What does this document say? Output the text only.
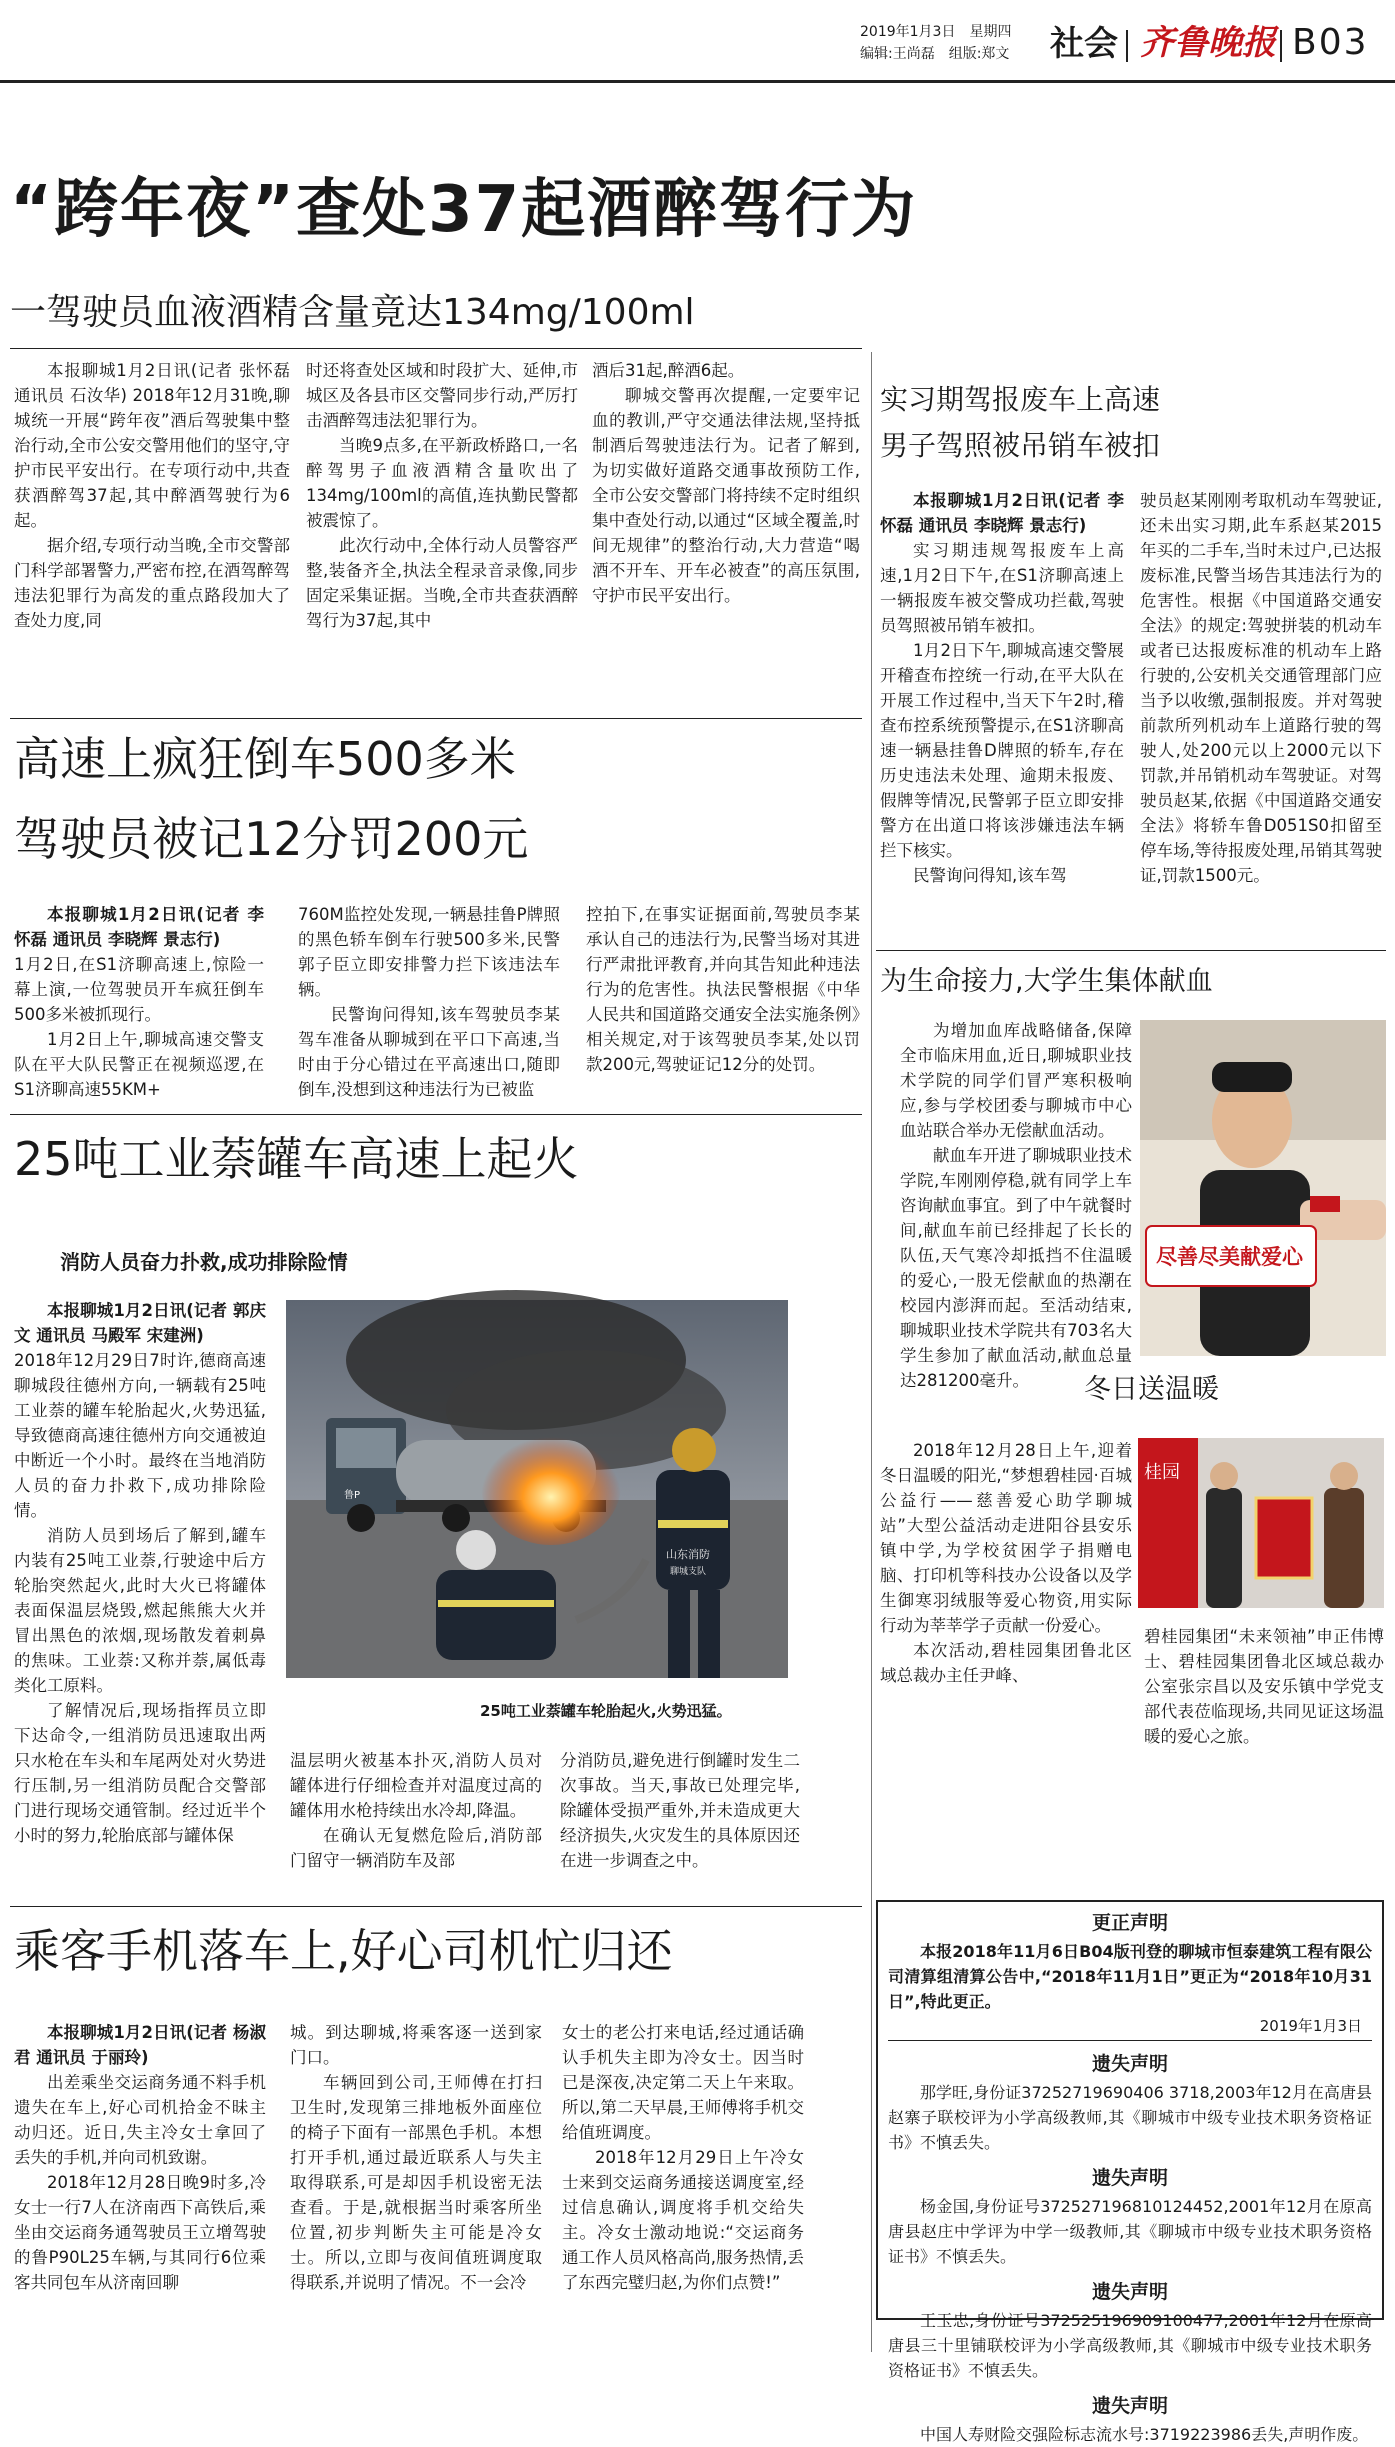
2019年1月3日　星期四
编辑:王尚磊　组版:郑文 社会 齐鲁晚报 B03
“跨年夜”查处37起酒醉驾行为
一驾驶员血液酒精含量竟达134mg/100ml

本报聊城1月2日讯(记者 张怀磊 通讯员 石汝华) 2018年12月31晚,聊城统一开展“跨年夜”酒后驾驶集中整治行动,全市公安交警用他们的坚守,守护市民平安出行。在专项行动中,共查获酒醉驾37起,其中醉酒驾驶行为6起。

据介绍,专项行动当晚,全市交警部门科学部署警力,严密布控,在酒驾醉驾违法犯罪行为高发的重点路段加大了查处力度,同

时还将查处区域和时段扩大、延伸,市城区及各县市区交警同步行动,严厉打击酒醉驾违法犯罪行为。

当晚9点多,在平新政桥路口,一名醉驾男子血液酒精含量吹出了134mg/100ml的高值,连执勤民警都被震惊了。

此次行动中,全体行动人员警容严整,装备齐全,执法全程录音录像,同步固定采集证据。当晚,全市共查获酒醉驾行为37起,其中

酒后31起,醉酒6起。

聊城交警再次提醒,一定要牢记血的教训,严守交通法律法规,坚持抵制酒后驾驶违法行为。记者了解到,为切实做好道路交通事故预防工作,全市公安交警部门将持续不定时组织集中查处行动,以通过“区域全覆盖,时间无规律”的整治行动,大力营造“喝酒不开车、开车必被查”的高压氛围,守护市民平安出行。

高速上疯狂倒车500多米
驾驶员被记12分罚200元

本报聊城1月2日讯(记者 李怀磊 通讯员 李晓辉 景志行)

1月2日,在S1济聊高速上,惊险一幕上演,一位驾驶员开车疯狂倒车500多米被抓现行。

1月2日上午,聊城高速交警支队在平大队民警正在视频巡逻,在S1济聊高速55KM+

760M监控处发现,一辆悬挂鲁P牌照的黑色轿车倒车行驶500多米,民警郭子臣立即安排警力拦下该违法车辆。

民警询问得知,该车驾驶员李某驾车准备从聊城到在平口下高速,当时由于分心错过在平高速出口,随即倒车,没想到这种违法行为已被监

控拍下,在事实证据面前,驾驶员李某承认自己的违法行为,民警当场对其进行严肃批评教育,并向其告知此种违法行为的危害性。执法民警根据《中华人民共和国道路交通安全法实施条例》相关规定,对于该驾驶员李某,处以罚款200元,驾驶证记12分的处罚。

25吨工业萘罐车高速上起火
消防人员奋力扑救,成功排除险情

本报聊城1月2日讯(记者 郭庆文 通讯员 马殿军 宋建洲)

2018年12月29日7时许,德商高速聊城段往德州方向,一辆载有25吨工业萘的罐车轮胎起火,火势迅猛,导致德商高速往德州方向交通被迫中断近一个小时。最终在当地消防人员的奋力扑救下,成功排除险情。

消防人员到场后了解到,罐车内装有25吨工业萘,行驶途中后方轮胎突然起火,此时大火已将罐体表面保温层烧毁,燃起熊熊大火并冒出黑色的浓烟,现场散发着刺鼻的焦味。工业萘:又称并萘,属低毒类化工原料。

了解情况后,现场指挥员立即下达命令,一组消防员迅速取出两只水枪在车头和车尾两处对火势进行压制,另一组消防员配合交警部门进行现场交通管制。经过近半个小时的努力,轮胎底部与罐体保

鲁P
山东消防
聊城支队
25吨工业萘罐车轮胎起火,火势迅猛。

温层明火被基本扑灭,消防人员对罐体进行仔细检查并对温度过高的罐体用水枪持续出水冷却,降温。

在确认无复燃危险后,消防部门留守一辆消防车及部

分消防员,避免进行倒罐时发生二次事故。当天,事故已处理完毕,除罐体受损严重外,并未造成更大经济损失,火灾发生的具体原因还在进一步调查之中。

乘客手机落车上,好心司机忙归还

本报聊城1月2日讯(记者 杨淑君 通讯员 于丽玲)

出差乘坐交运商务通不料手机遗失在车上,好心司机拾金不昧主动归还。近日,失主冷女士拿回了丢失的手机,并向司机致谢。

2018年12月28日晚9时多,冷女士一行7人在济南西下高铁后,乘坐由交运商务通驾驶员王立增驾驶的鲁P90L25车辆,与其同行6位乘客共同包车从济南回聊

城。到达聊城,将乘客逐一送到家门口。

车辆回到公司,王师傅在打扫卫生时,发现第三排地板外面座位的椅子下面有一部黑色手机。本想打开手机,通过最近联系人与失主取得联系,可是却因手机设密无法查看。于是,就根据当时乘客所坐位置,初步判断失主可能是冷女士。所以,立即与夜间值班调度取得联系,并说明了情况。不一会冷

女士的老公打来电话,经过通话确认手机失主即为冷女士。因当时已是深夜,决定第二天上午来取。所以,第二天早晨,王师傅将手机交给值班调度。

2018年12月29日上午冷女士来到交运商务通接送调度室,经过信息确认,调度将手机交给失主。冷女士激动地说:“交运商务通工作人员风格高尚,服务热情,丢了东西完璧归赵,为你们点赞!”

实习期驾报废车上高速
男子驾照被吊销车被扣

本报聊城1月2日讯(记者 李怀磊 通讯员 李晓辉 景志行)

实习期违规驾报废车上高速,1月2日下午,在S1济聊高速上一辆报废车被交警成功拦截,驾驶员驾照被吊销车被扣。

1月2日下午,聊城高速交警展开稽查布控统一行动,在平大队在开展工作过程中,当天下午2时,稽查布控系统预警提示,在S1济聊高速一辆悬挂鲁D牌照的轿车,存在历史违法未处理、逾期未报废、假牌等情况,民警郭子臣立即安排警方在出道口将该涉嫌违法车辆拦下核实。

民警询问得知,该车驾

驶员赵某刚刚考取机动车驾驶证,还未出实习期,此车系赵某2015年买的二手车,当时未过户,已达报废标准,民警当场告其违法行为的危害性。根据《中国道路交通安全法》的规定:驾驶拼装的机动车或者已达报废标准的机动车上路行驶的,公安机关交通管理部门应当予以收缴,强制报废。并对驾驶前款所列机动车上道路行驶的驾驶人,处200元以上2000元以下罚款,并吊销机动车驾驶证。对驾驶员赵某,依据《中国道路交通安全法》将轿车鲁D051S0扣留至停车场,等待报废处理,吊销其驾驶证,罚款1500元。

为生命接力,大学生集体献血

为增加血库战略储备,保障全市临床用血,近日,聊城职业技术学院的同学们冒严寒积极响应,参与学校团委与聊城市中心血站联合举办无偿献血活动。

献血车开进了聊城职业技术学院,车刚刚停稳,就有同学上车咨询献血事宜。到了中午就餐时间,献血车前已经排起了长长的队伍,天气寒冷却抵挡不住温暖的爱心,一股无偿献血的热潮在校园内澎湃而起。至活动结束,聊城职业技术学院共有703名大学生参加了献血活动,献血总量达281200毫升。

尽善尽美献爱心
冬日送温暖

2018年12月28日上午,迎着冬日温暖的阳光,“梦想碧桂园·百城公益行——慈善爱心助学聊城站”大型公益活动走进阳谷县安乐镇中学,为学校贫困学子捐赠电脑、打印机等科技办公设备以及学生御寒羽绒服等爱心物资,用实际行动为莘莘学子贡献一份爱心。

本次活动,碧桂园集团鲁北区域总裁办主任尹峰、

桂园
碧桂园集团“未来领袖”申正伟博士、碧桂园集团鲁北区域总裁办公室张宗昌以及安乐镇中学党支部代表莅临现场,共同见证这场温暖的爱心之旅。
更正声明

本报2018年11月6日B04版刊登的聊城市恒泰建筑工程有限公司清算组清算公告中,“2018年11月1日”更正为“2018年10月31日”,特此更正。

2019年1月3日
遗失声明

那学旺,身份证37252719690406 3718,2003年12月在高唐县赵寨子联校评为小学高级教师,其《聊城市中级专业技术职务资格证书》不慎丢失。

遗失声明

杨金国,身份证号372527196810124452,2001年12月在原高唐县赵庄中学评为中学一级教师,其《聊城市中级专业技术职务资格证书》不慎丢失。

遗失声明

王玉忠,身份证号372525196909100477,2001年12月在原高唐县三十里铺联校评为小学高级教师,其《聊城市中级专业技术职务资格证书》不慎丢失。

遗失声明

中国人寿财险交强险标志流水号:3719223986丢失,声明作废。
